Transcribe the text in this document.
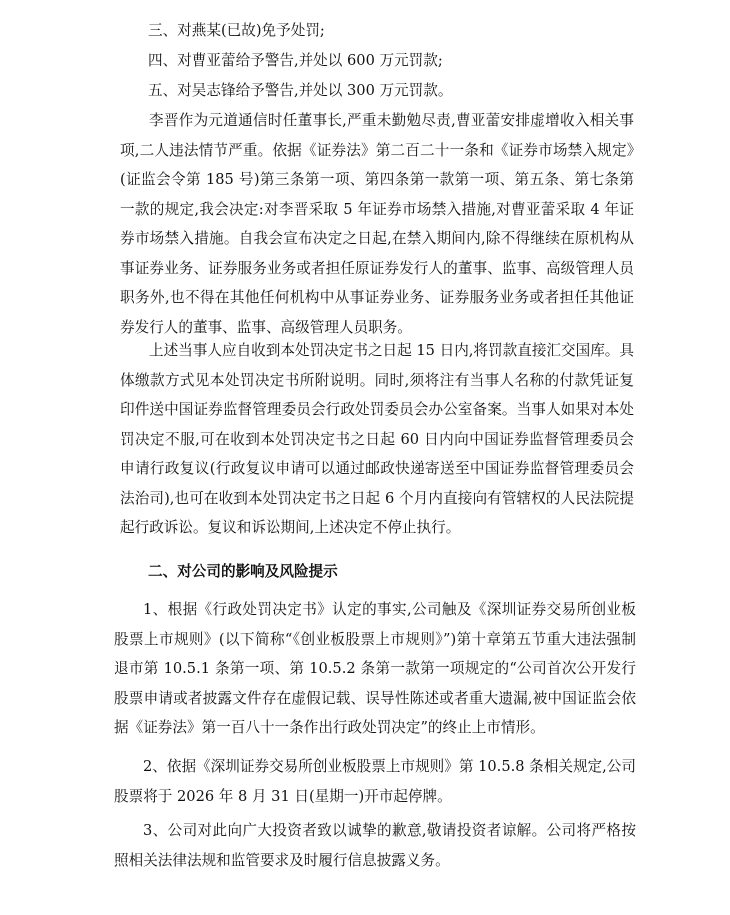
三、对燕某(已故)免予处罚;

四、对曹亚蕾给予警告,并处以 600 万元罚款;

五、对吴志锋给予警告,并处以 300 万元罚款。

李晋作为元道通信时任董事长,严重未勤勉尽责,曹亚蕾安排虚增收入相关事项,二人违法情节严重。依据《证券法》第二百二十一条和《证券市场禁入规定》(证监会令第 185 号)第三条第一项、第四条第一款第一项、第五条、第七条第一款的规定,我会决定:对李晋采取 5 年证券市场禁入措施,对曹亚蕾采取 4 年证券市场禁入措施。自我会宣布决定之日起,在禁入期间内,除不得继续在原机构从事证券业务、证券服务业务或者担任原证券发行人的董事、监事、高级管理人员职务外,也不得在其他任何机构中从事证券业务、证券服务业务或者担任其他证券发行人的董事、监事、高级管理人员职务。

上述当事人应自收到本处罚决定书之日起 15 日内,将罚款直接汇交国库。具体缴款方式见本处罚决定书所附说明。同时,须将注有当事人名称的付款凭证复印件送中国证券监督管理委员会行政处罚委员会办公室备案。当事人如果对本处罚决定不服,可在收到本处罚决定书之日起 60 日内向中国证券监督管理委员会申请行政复议(行政复议申请可以通过邮政快递寄送至中国证券监督管理委员会法治司),也可在收到本处罚决定书之日起 6 个月内直接向有管辖权的人民法院提起行政诉讼。复议和诉讼期间,上述决定不停止执行。

二、对公司的影响及风险提示

1、根据《行政处罚决定书》认定的事实,公司触及《深圳证券交易所创业板股票上市规则》(以下简称“《创业板股票上市规则》”)第十章第五节重大违法强制退市第 10.5.1 条第一项、第 10.5.2 条第一款第一项规定的“公司首次公开发行股票申请或者披露文件存在虚假记载、误导性陈述或者重大遗漏,被中国证监会依据《证券法》第一百八十一条作出行政处罚决定”的终止上市情形。

2、依据《深圳证券交易所创业板股票上市规则》第 10.5.8 条相关规定,公司股票将于 2026 年 8 月 31 日(星期一)开市起停牌。

3、公司对此向广大投资者致以诚挚的歉意,敬请投资者谅解。公司将严格按照相关法律法规和监管要求及时履行信息披露义务。
